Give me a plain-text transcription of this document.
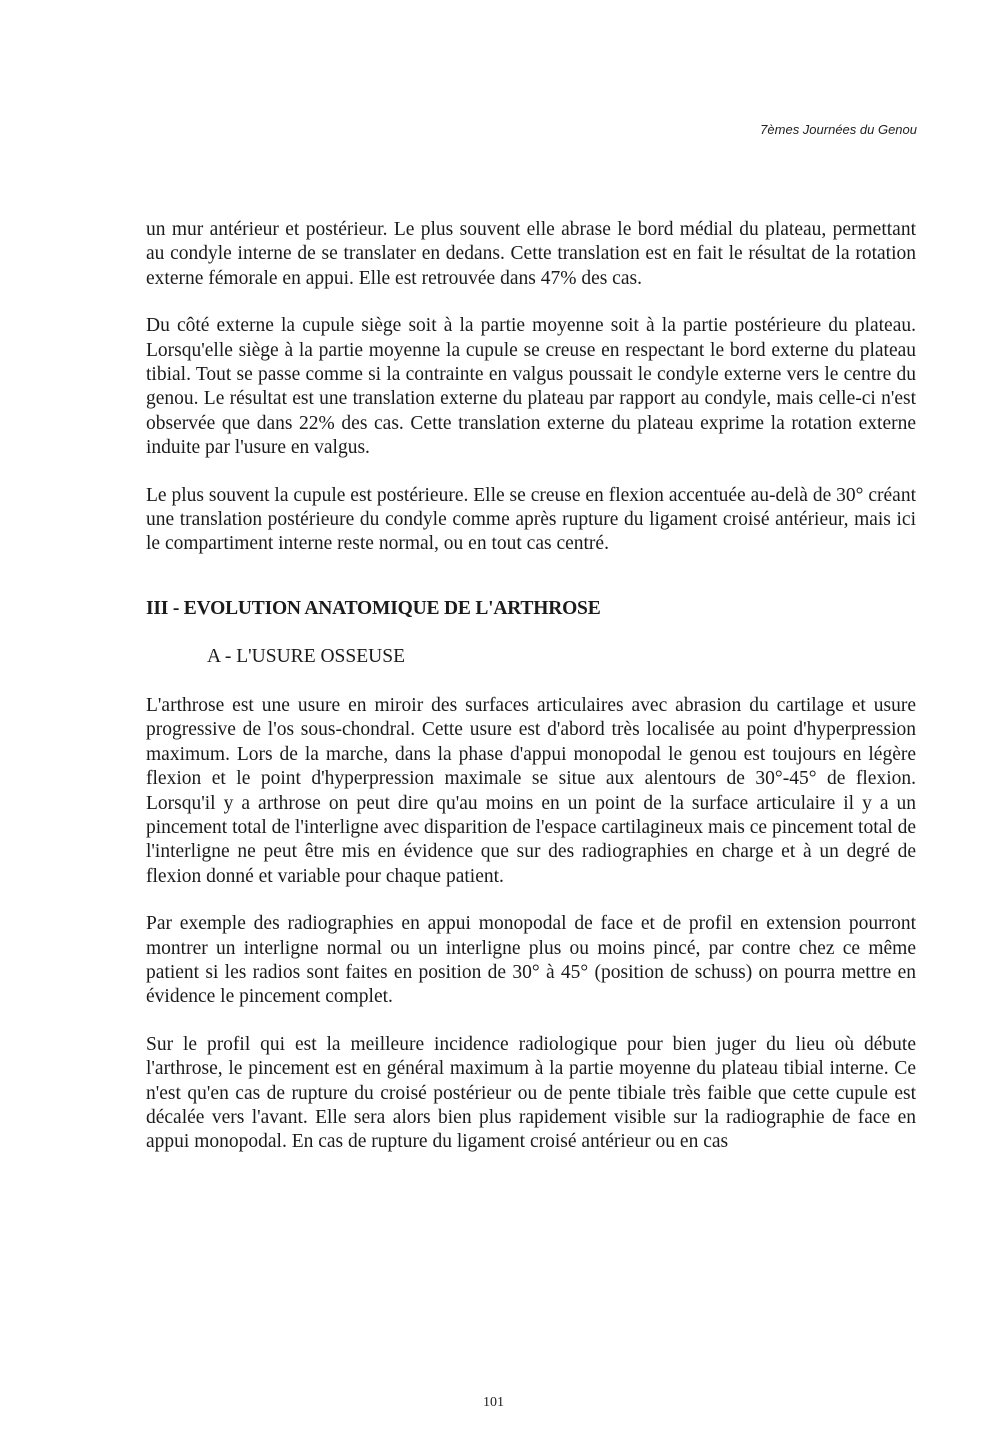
7èmes Journées du Genou

un mur antérieur et postérieur. Le plus souvent elle abrase le bord médial du plateau, permettant au condyle interne de se translater en dedans. Cette translation est en fait le résultat de la rotation externe fémorale en appui. Elle est retrouvée dans 47% des cas.

Du côté externe la cupule siège soit à la partie moyenne soit à la partie postérieure du plateau. Lorsqu'elle siège à la partie moyenne la cupule se creuse en respectant le bord externe du plateau tibial. Tout se passe comme si la contrainte en valgus poussait le condyle externe vers le centre du genou. Le résultat est une translation externe du plateau par rapport au condyle, mais celle-ci n'est observée que dans 22% des cas. Cette translation externe du plateau exprime la rotation externe induite par l'usure en valgus.

Le plus souvent la cupule est postérieure. Elle se creuse en flexion accentuée au-delà de 30° créant une translation postérieure du condyle comme après rupture du ligament croisé antérieur, mais ici le compartiment interne reste normal, ou en tout cas centré.

III - EVOLUTION ANATOMIQUE DE L'ARTHROSE
A - L'USURE OSSEUSE

L'arthrose est une usure en miroir des surfaces articulaires avec abrasion du cartilage et usure progressive de l'os sous-chondral. Cette usure est d'abord très localisée au point d'hyperpression maximum. Lors de la marche, dans la phase d'appui monopodal le genou est toujours en légère flexion et le point d'hyperpression maximale se situe aux alentours de 30°-45° de flexion. Lorsqu'il y a arthrose on peut dire qu'au moins en un point de la surface articulaire il y a un pincement total de l'interligne avec disparition de l'espace cartilagineux mais ce pincement total de l'interligne ne peut être mis en évidence que sur des radiographies en charge et à un degré de flexion donné et variable pour chaque patient.

Par exemple des radiographies en appui monopodal de face et de profil en extension pourront montrer un interligne normal ou un interligne plus ou moins pincé, par contre chez ce même patient si les radios sont faites en position de 30° à 45° (position de schuss) on pourra mettre en évidence le pincement complet.

Sur le profil qui est la meilleure incidence radiologique pour bien juger du lieu où débute l'arthrose, le pincement est en général maximum à la partie moyenne du plateau tibial interne. Ce n'est qu'en cas de rupture du croisé postérieur ou de pente tibiale très faible que cette cupule est décalée vers l'avant. Elle sera alors bien plus rapidement visible sur la radiographie de face en appui monopodal. En cas de rupture du ligament croisé antérieur ou en cas

101
